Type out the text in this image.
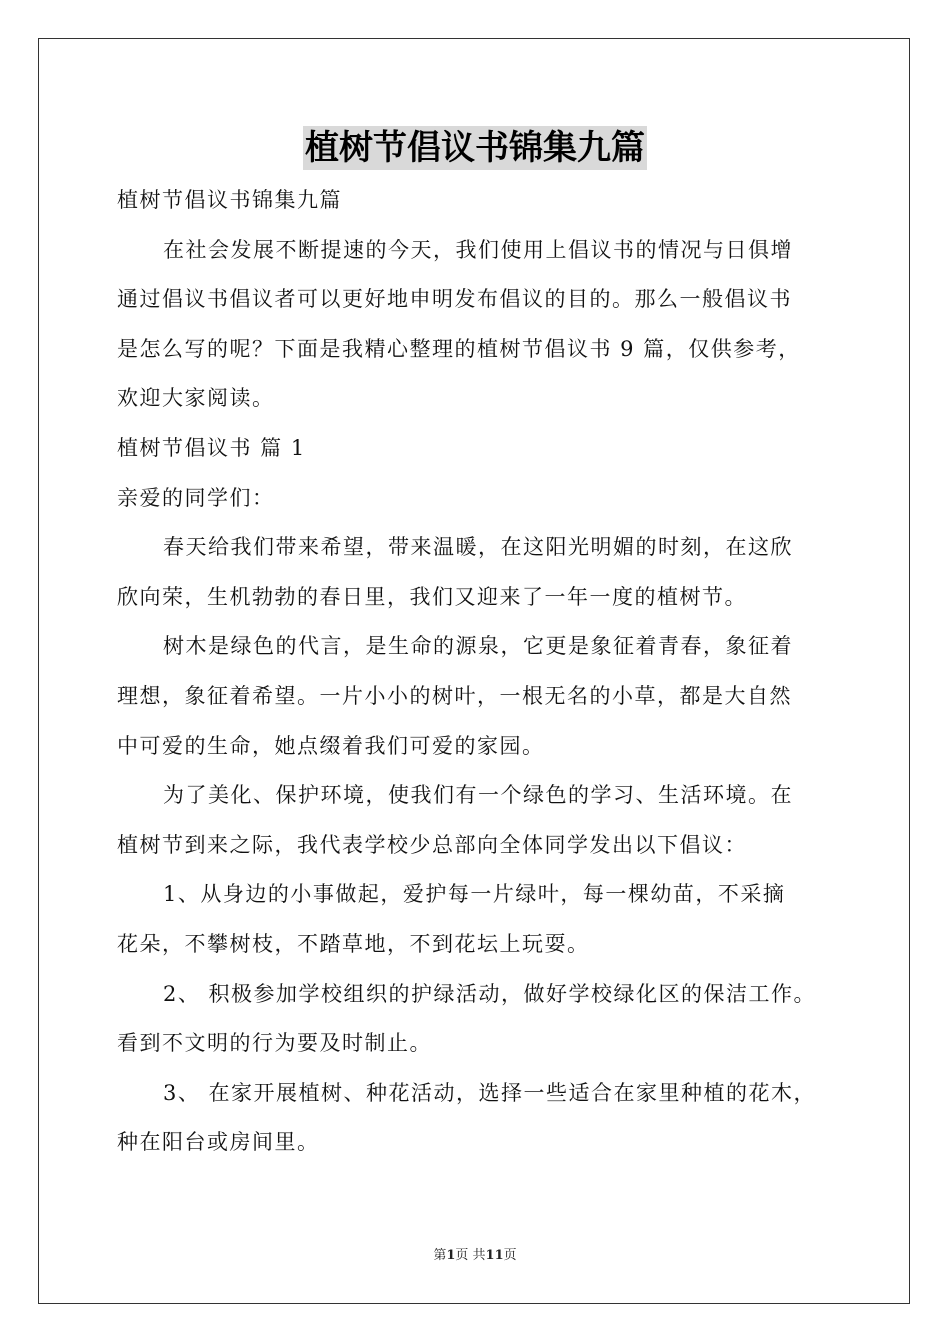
植树节倡议书锦集九篇
植树节倡议书锦集九篇
在社会发展不断提速的今天，我们使用上倡议书的情况与日俱增
通过倡议书倡议者可以更好地申明发布倡议的目的。那么一般倡议书
是怎么写的呢？下面是我精心整理的植树节倡议书 9 篇，仅供参考，
欢迎大家阅读。
植树节倡议书 篇 1
亲爱的同学们：
春天给我们带来希望，带来温暖，在这阳光明媚的时刻，在这欣
欣向荣，生机勃勃的春日里，我们又迎来了一年一度的植树节。
树木是绿色的代言，是生命的源泉，它更是象征着青春，象征着
理想，象征着希望。一片小小的树叶，一根无名的小草，都是大自然
中可爱的生命，她点缀着我们可爱的家园。
为了美化、保护环境，使我们有一个绿色的学习、生活环境。在
植树节到来之际，我代表学校少总部向全体同学发出以下倡议：
1、从身边的小事做起，爱护每一片绿叶，每一棵幼苗，不采摘
花朵，不攀树枝，不踏草地，不到花坛上玩耍。
2、 积极参加学校组织的护绿活动，做好学校绿化区的保洁工作。
看到不文明的行为要及时制止。
3、 在家开展植树、种花活动，选择一些适合在家里种植的花木，
种在阳台或房间里。
第1页 共11页
